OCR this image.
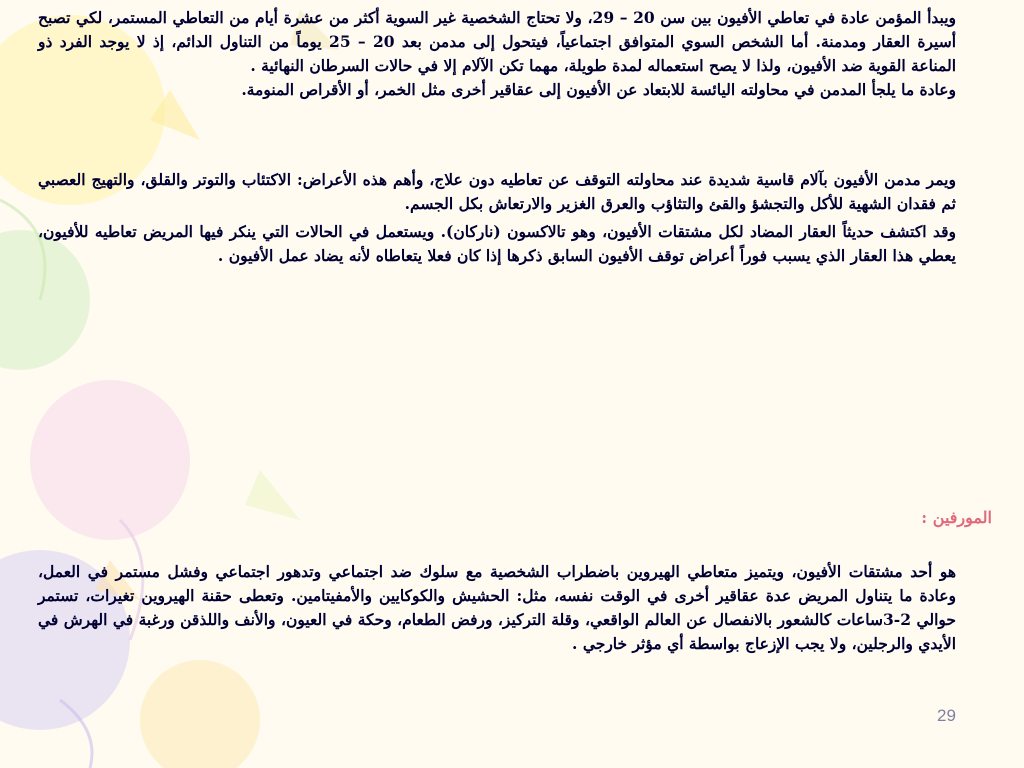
ويبدأ المؤمن عادة في تعاطي الأفيون بين سن 20 – 29، ولا تحتاج الشخصية غير السوية أكثر من عشرة أيام من التعاطي المستمر، لكي تصبح أسيرة العقار ومدمنة. أما الشخص السوي المتوافق اجتماعياً، فيتحول إلى مدمن بعد 20 – 25 يوماً من التناول الدائم، إذ لا يوجد الفرد ذو المناعة القوية ضد الأفيون، ولذا لا يصح استعماله لمدة طويلة، مهما تكن الآلام إلا في حالات السرطان النهائية .

وعادة ما يلجأ المدمن في محاولته اليائسة للابتعاد عن الأفيون إلى عقاقير أخرى مثل الخمر، أو الأقراص المنومة.

ويمر مدمن الأفيون بآلام قاسية شديدة عند محاولته التوقف عن تعاطيه دون علاج، وأهم هذه الأعراض: الاكتئاب والتوتر والقلق، والتهيج العصبي ثم فقدان الشهية للأكل والتجشؤ والقئ والتثاؤب والعرق الغزير والارتعاش بكل الجسم.

وقد اكتشف حديثاً العقار المضاد لكل مشتقات الأفيون، وهو تالاكسون (ناركان). ويستعمل في الحالات التي ينكر فيها المريض تعاطيه للأفيون، يعطي هذا العقار الذي يسبب فوراً أعراض توقف الأفيون السابق ذكرها إذا كان فعلا يتعاطاه لأنه يضاد عمل الأفيون .

المورفين :

هو أحد مشتقات الأفيون، ويتميز متعاطي الهيروين باضطراب الشخصية مع سلوك ضد اجتماعي وتدهور اجتماعي وفشل مستمر في العمل، وعادة ما يتناول المريض عدة عقاقير أخرى في الوقت نفسه، مثل: الحشيش والكوكايين والأمفيتامين. وتعطى حقنة الهيروين تغيرات، تستمر حوالي 2-3ساعات كالشعور بالانفصال عن العالم الواقعي، وقلة التركيز، ورفض الطعام، وحكة في العيون، والأنف واللذقن ورغبة في الهرش في الأيدي والرجلين، ولا يجب الإزعاج بواسطة أي مؤثر خارجي .

29
